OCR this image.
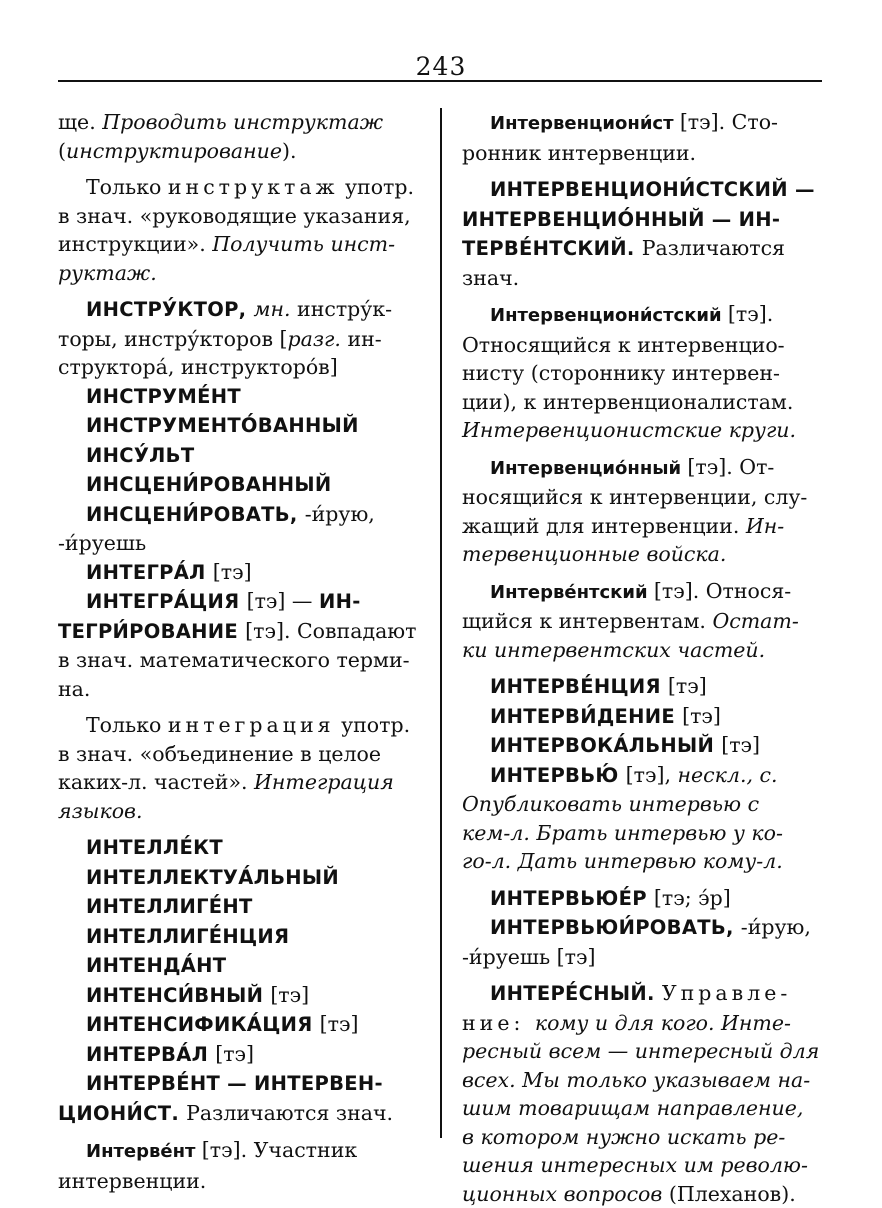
243

ще. Проводить инструктаж

(инструктирование).

Только инструктаж употр.

в знач. «руководящие указания,

инструкции». Получить инст-

руктаж.

ИНСТРУ́КТОР, мн. инстру́к-

торы, инстру́кторов [разг. ин-

структора́, инструкторо́в]

ИНСТРУМЕ́НТ

ИНСТРУМЕНТО́ВАННЫЙ

ИНСУ́ЛЬТ

ИНСЦЕНИ́РОВАННЫЙ

ИНСЦЕНИ́РОВАТЬ, -и́рую,

-и́руешь

ИНТЕГРА́Л [тэ]

ИНТЕГРА́ЦИЯ [тэ] — ИН-

ТЕГРИ́РОВАНИЕ [тэ]. Совпадают

в знач. математического терми-

на.

Только интеграция употр.

в знач. «объединение в целое

каких-л. частей». Интеграция

языков.

ИНТЕЛЛЕ́КТ

ИНТЕЛЛЕКТУА́ЛЬНЫЙ

ИНТЕЛЛИГЕ́НТ

ИНТЕЛЛИГЕ́НЦИЯ

ИНТЕНДА́НТ

ИНТЕНСИ́ВНЫЙ [тэ]

ИНТЕНСИФИКА́ЦИЯ [тэ]

ИНТЕРВА́Л [тэ]

ИНТЕРВЕ́НТ — ИНТЕРВЕН-

ЦИОНИ́СТ. Различаются знач.

Интерве́нт [тэ]. Участник

интервенции.

Интервенциони́ст [тэ]. Сто-

ронник интервенции.

ИНТЕРВЕНЦИОНИ́СТСКИЙ —

ИНТЕРВЕНЦИО́ННЫЙ — ИН-

ТЕРВЕ́НТСКИЙ. Различаются

знач.

Интервенциони́стский [тэ].

Относящийся к интервенцио-

нисту (стороннику интервен-

ции), к интервенционалистам.

Интервенционистские круги.

Интервенцио́нный [тэ]. От-

носящийся к интервенции, слу-

жащий для интервенции. Ин-

тервенционные войска.

Интерве́нтский [тэ]. Относя-

щийся к интервентам. Остат-

ки интервентских частей.

ИНТЕРВЕ́НЦИЯ [тэ]

ИНТЕРВИ́ДЕНИЕ [тэ]

ИНТЕРВОКА́ЛЬНЫЙ [тэ]

ИНТЕРВЬЮ́ [тэ], нескл., с.

Опубликовать интервью с

кем-л. Брать интервью у ко-

го-л. Дать интервью кому-л.

ИНТЕРВЬЮЕ́Р [тэ; э́р]

ИНТЕРВЬЮИ́РОВАТЬ, -и́рую,

-и́руешь [тэ]

ИНТЕРЕ́СНЫЙ. Управле-

ние: кому и для кого. Инте-

ресный всем — интересный для

всех. Мы только указываем на-

шим товарищам направление,

в котором нужно искать ре-

шения интересных им револю-

ционных вопросов (Плеханов).
